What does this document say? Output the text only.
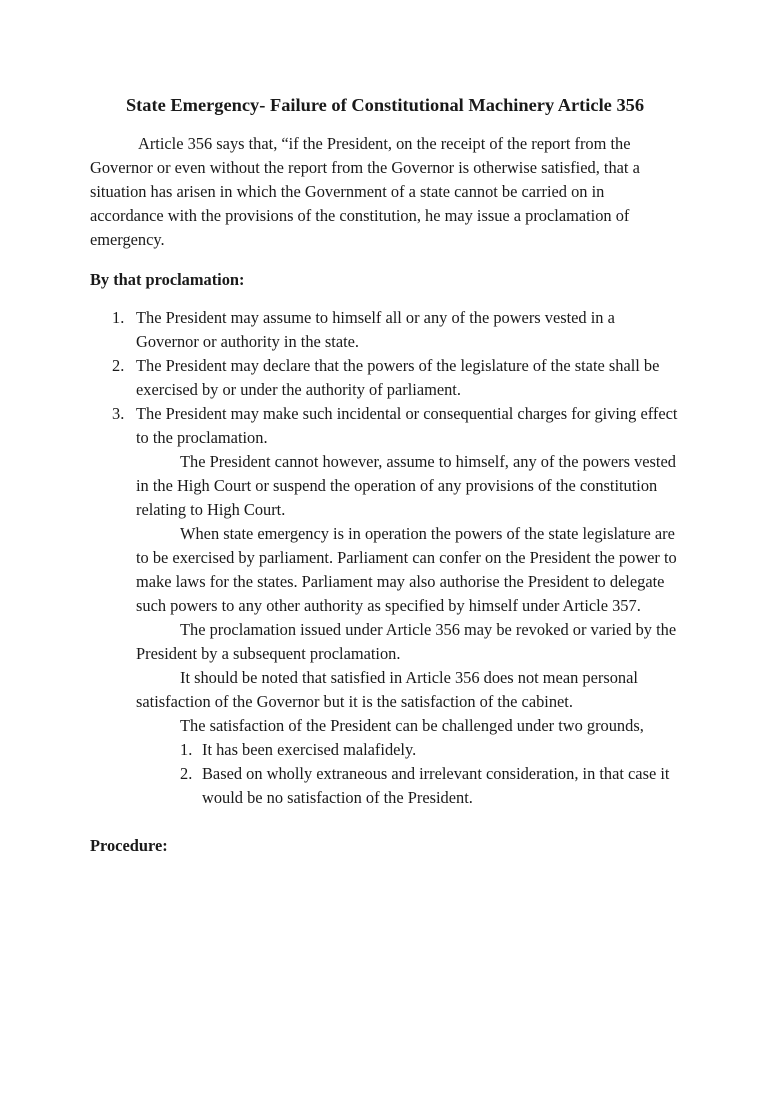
State Emergency- Failure of Constitutional Machinery Article 356

Article 356 says that, “if the President, on the receipt of the report from the Governor or even without the report from the Governor is otherwise satisfied, that a situation has arisen in which the Government of a state cannot be carried on in accordance with the provisions of the constitution, he may issue a proclamation of emergency.

By that proclamation:

1. The President may assume to himself all or any of the powers vested in a Governor or authority in the state.
2. The President may declare that the powers of the legislature of the state shall be exercised by or under the authority of parliament.
3. The President may make such incidental or consequential charges for giving effect to the proclamation.

The President cannot however, assume to himself, any of the powers vested in the High Court or suspend the operation of any provisions of the constitution relating to High Court.

When state emergency is in operation the powers of the state legislature are to be exercised by parliament. Parliament can confer on the President the power to make laws for the states. Parliament may also authorise the President to delegate such powers to any other authority as specified by himself under Article 357.

The proclamation issued under Article 356 may be revoked or varied by the President by a subsequent proclamation.

It should be noted that satisfied in Article 356 does not mean personal satisfaction of the Governor but it is the satisfaction of the cabinet.

The satisfaction of the President can be challenged under two grounds,

1. It has been exercised malafidely.
2. Based on wholly extraneous and irrelevant consideration, in that case it would be no satisfaction of the President.

Procedure:
